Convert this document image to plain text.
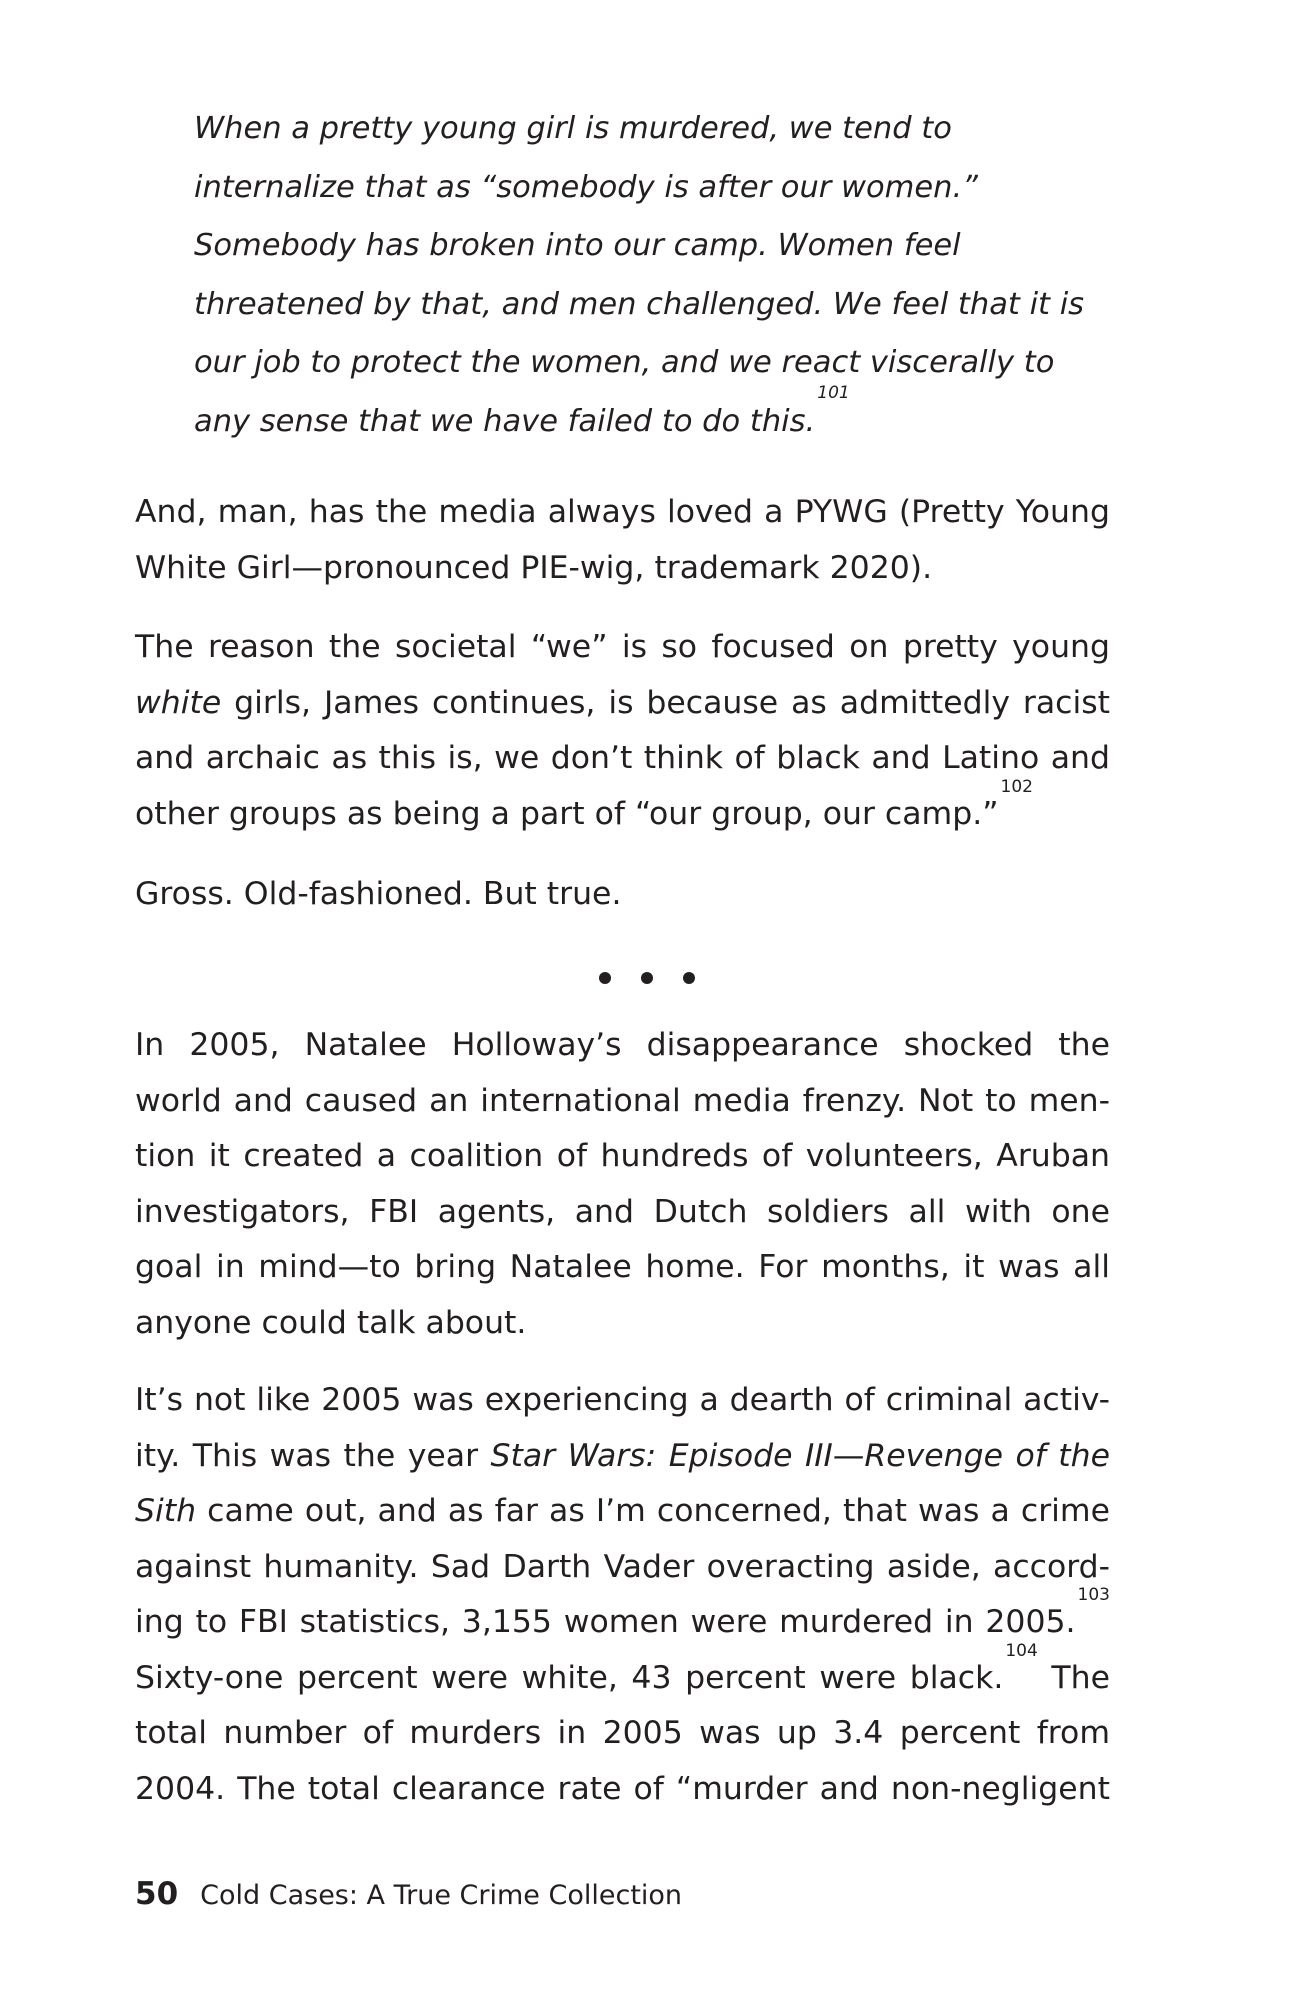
When a pretty young girl is murdered, we tend to internalize that as “somebody is after our women.” Somebody has broken into our camp. Women feel threatened by that, and men challenged. We feel that it is our job to protect the women, and we react viscerally to any sense that we have failed to do this.$^{101}$

And, man, has the media always loved a PYWG (Pretty Young White Girl—pronounced PIE-wig, trademark 2020).

The reason the societal “we” is so focused on pretty young white girls, James continues, is because as admittedly racist and archaic as this is, we don’t think of black and Latino and other groups as being a part of “our group, our camp.”$^{102}$

Gross. Old-fashioned. But true.

In 2005, Natalee Holloway’s disappearance shocked the world and caused an international media frenzy. Not to men-tion it created a coalition of hundreds of volunteers, Aruban investigators, FBI agents, and Dutch soldiers all with one goal in mind—to bring Natalee home. For months, it was all anyone could talk about.

It’s not like 2005 was experiencing a dearth of criminal activ-ity. This was the year Star Wars: Episode III—Revenge of the Sith came out, and as far as I’m concerned, that was a crime against humanity. Sad Darth Vader overacting aside, accord-ing to FBI statistics, 3,155 women were murdered in 2005.$^{103}$ Sixty-one percent were white, 43 percent were black.$^{104}$ The total number of murders in 2005 was up 3.4 percent from 2004. The total clearance rate of “murder and non-negligent

50 Cold Cases: A True Crime Collection
